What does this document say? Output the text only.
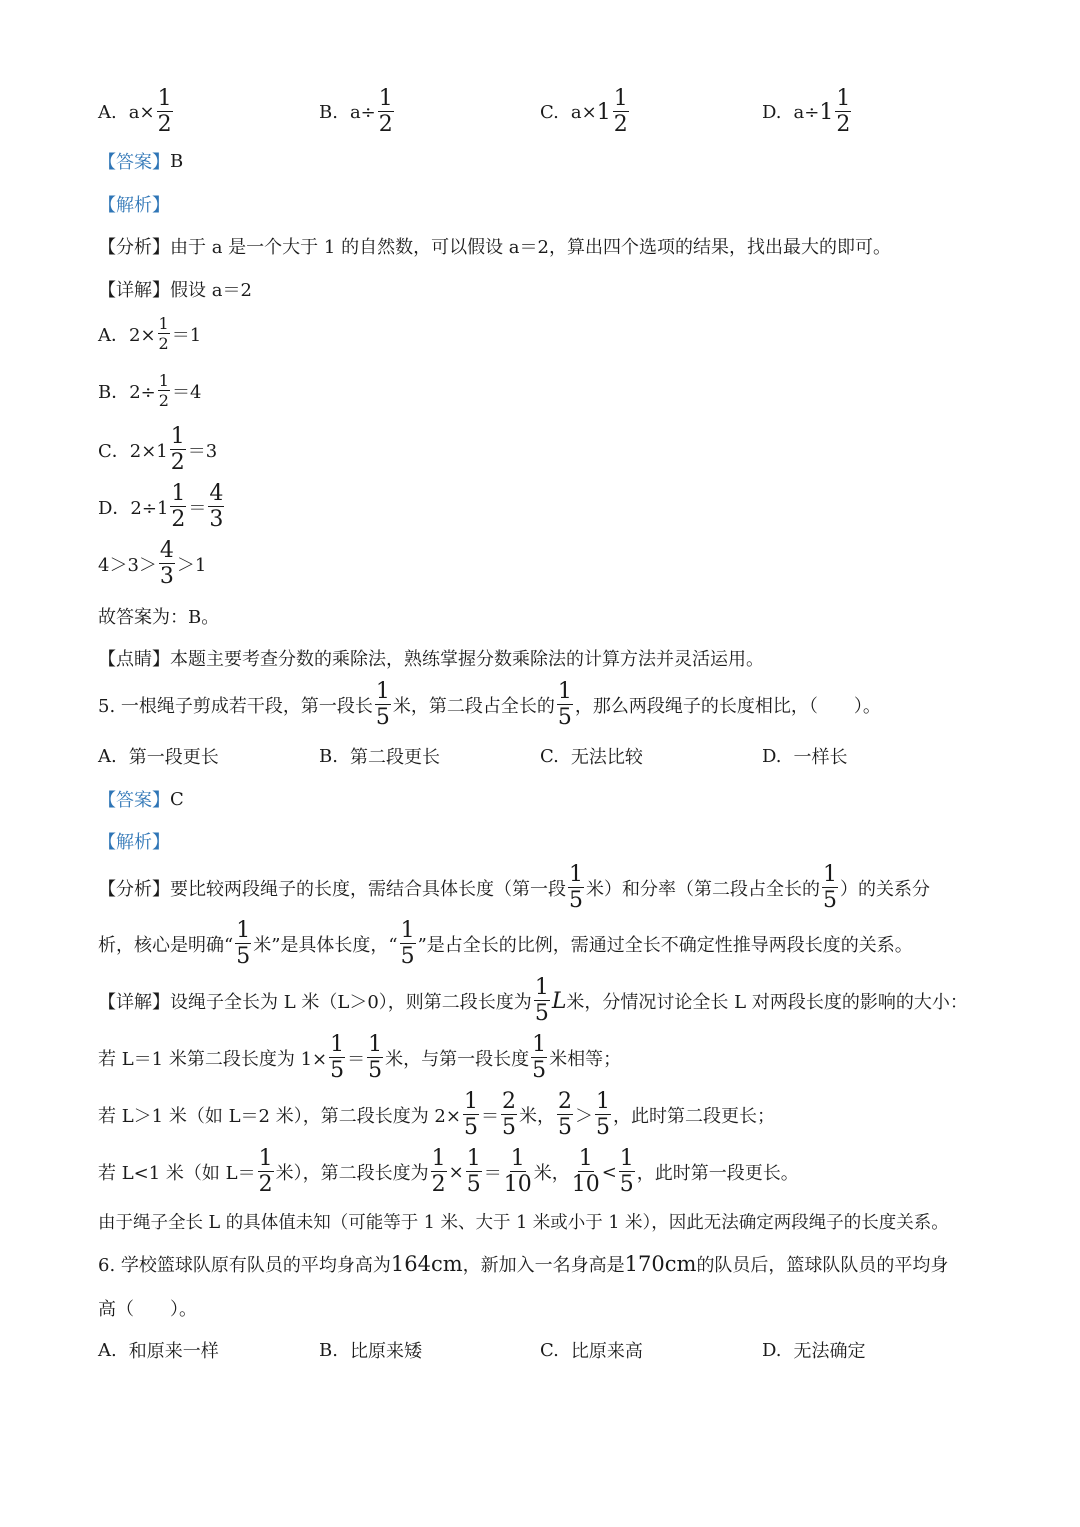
A. $a\times \frac{1}{2}$	B. $a\div \frac{1}{2}$	C. $a\times 1 \frac{1}{2}$	D. $a\div 1 \frac{1}{2}$
【答案】 B
【解析】
【分析】 由于 a 是一个大于 1 的自然数，可以假设 a＝2，算出四个选项的结果，找出最大的即可。
【详解】 假设 a＝2
A．$2\times \frac{1}{2} =1$
B．$2\div \frac{1}{2} =4$
C．$2\times 1 \frac{1}{2} =3$
D．$2\div 1 \frac{1}{2} = \frac{4}{3}$
$4>3> \frac{4}{3} >1$
故答案为：B。
【点睛】 本题主要考查分数的乘除法，熟练掌握分数乘除法的计算方法并灵活运用。
5. 一根绳子剪成若干段，第一段长 $\frac{1}{5}$ 米，第二段占全长的 $\frac{1}{5}$ ，那么两段绳子的长度相比，（　　）。
A. 第一段更长	B. 第二段更长	C. 无法比较	D. 一样长
【答案】 C
【解析】
【分析】 要比较两段绳子的长度，需结合具体长度（第一段 $\frac{1}{5}$ 米）和分率（第二段占全长的 $\frac{1}{5}$ ）的关系分
析，核心是明确“ $\frac{1}{5}$ 米”是具体长度，“ $\frac{1}{5}$ ”是占全长的比例，需通过全长不确定性推导两段长度的关系。
【详解】 设绳子全长为 L 米（L＞0），则第二段长度为 $\frac{1}{5}$ L 米，分情况讨论全长 L 对两段长度的影响的大小：
若 L＝1 米第二段长度为 $1\times \frac{1}{5} = \frac{1}{5}$ 米，与第一段长度 $\frac{1}{5}$ 米相等；
若 L＞1 米（如 L＝2 米），第二段长度为 $2\times \frac{1}{5} = \frac{2}{5}$ 米， $\frac{2}{5} > \frac{1}{5}$ ，此时第二段更长；
若 L<1 米（如 $L= \frac{1}{2}$ 米），第二段长度为 $\frac{1}{2} \times \frac{1}{5} = \frac{1}{10}$ 米， $\frac{1}{10} < \frac{1}{5}$ ，此时第一段更长。
由于绳子全长 L 的具体值未知（可能等于 1 米、大于 1 米或小于 1 米），因此无法确定两段绳子的长度关系。
6. 学校篮球队原有队员的平均身高为 164cm ，新加入一名身高是 170cm 的队员后，篮球队队员的平均身
高（　　）。
A. 和原来一样	B. 比原来矮	C. 比原来高	D. 无法确定
